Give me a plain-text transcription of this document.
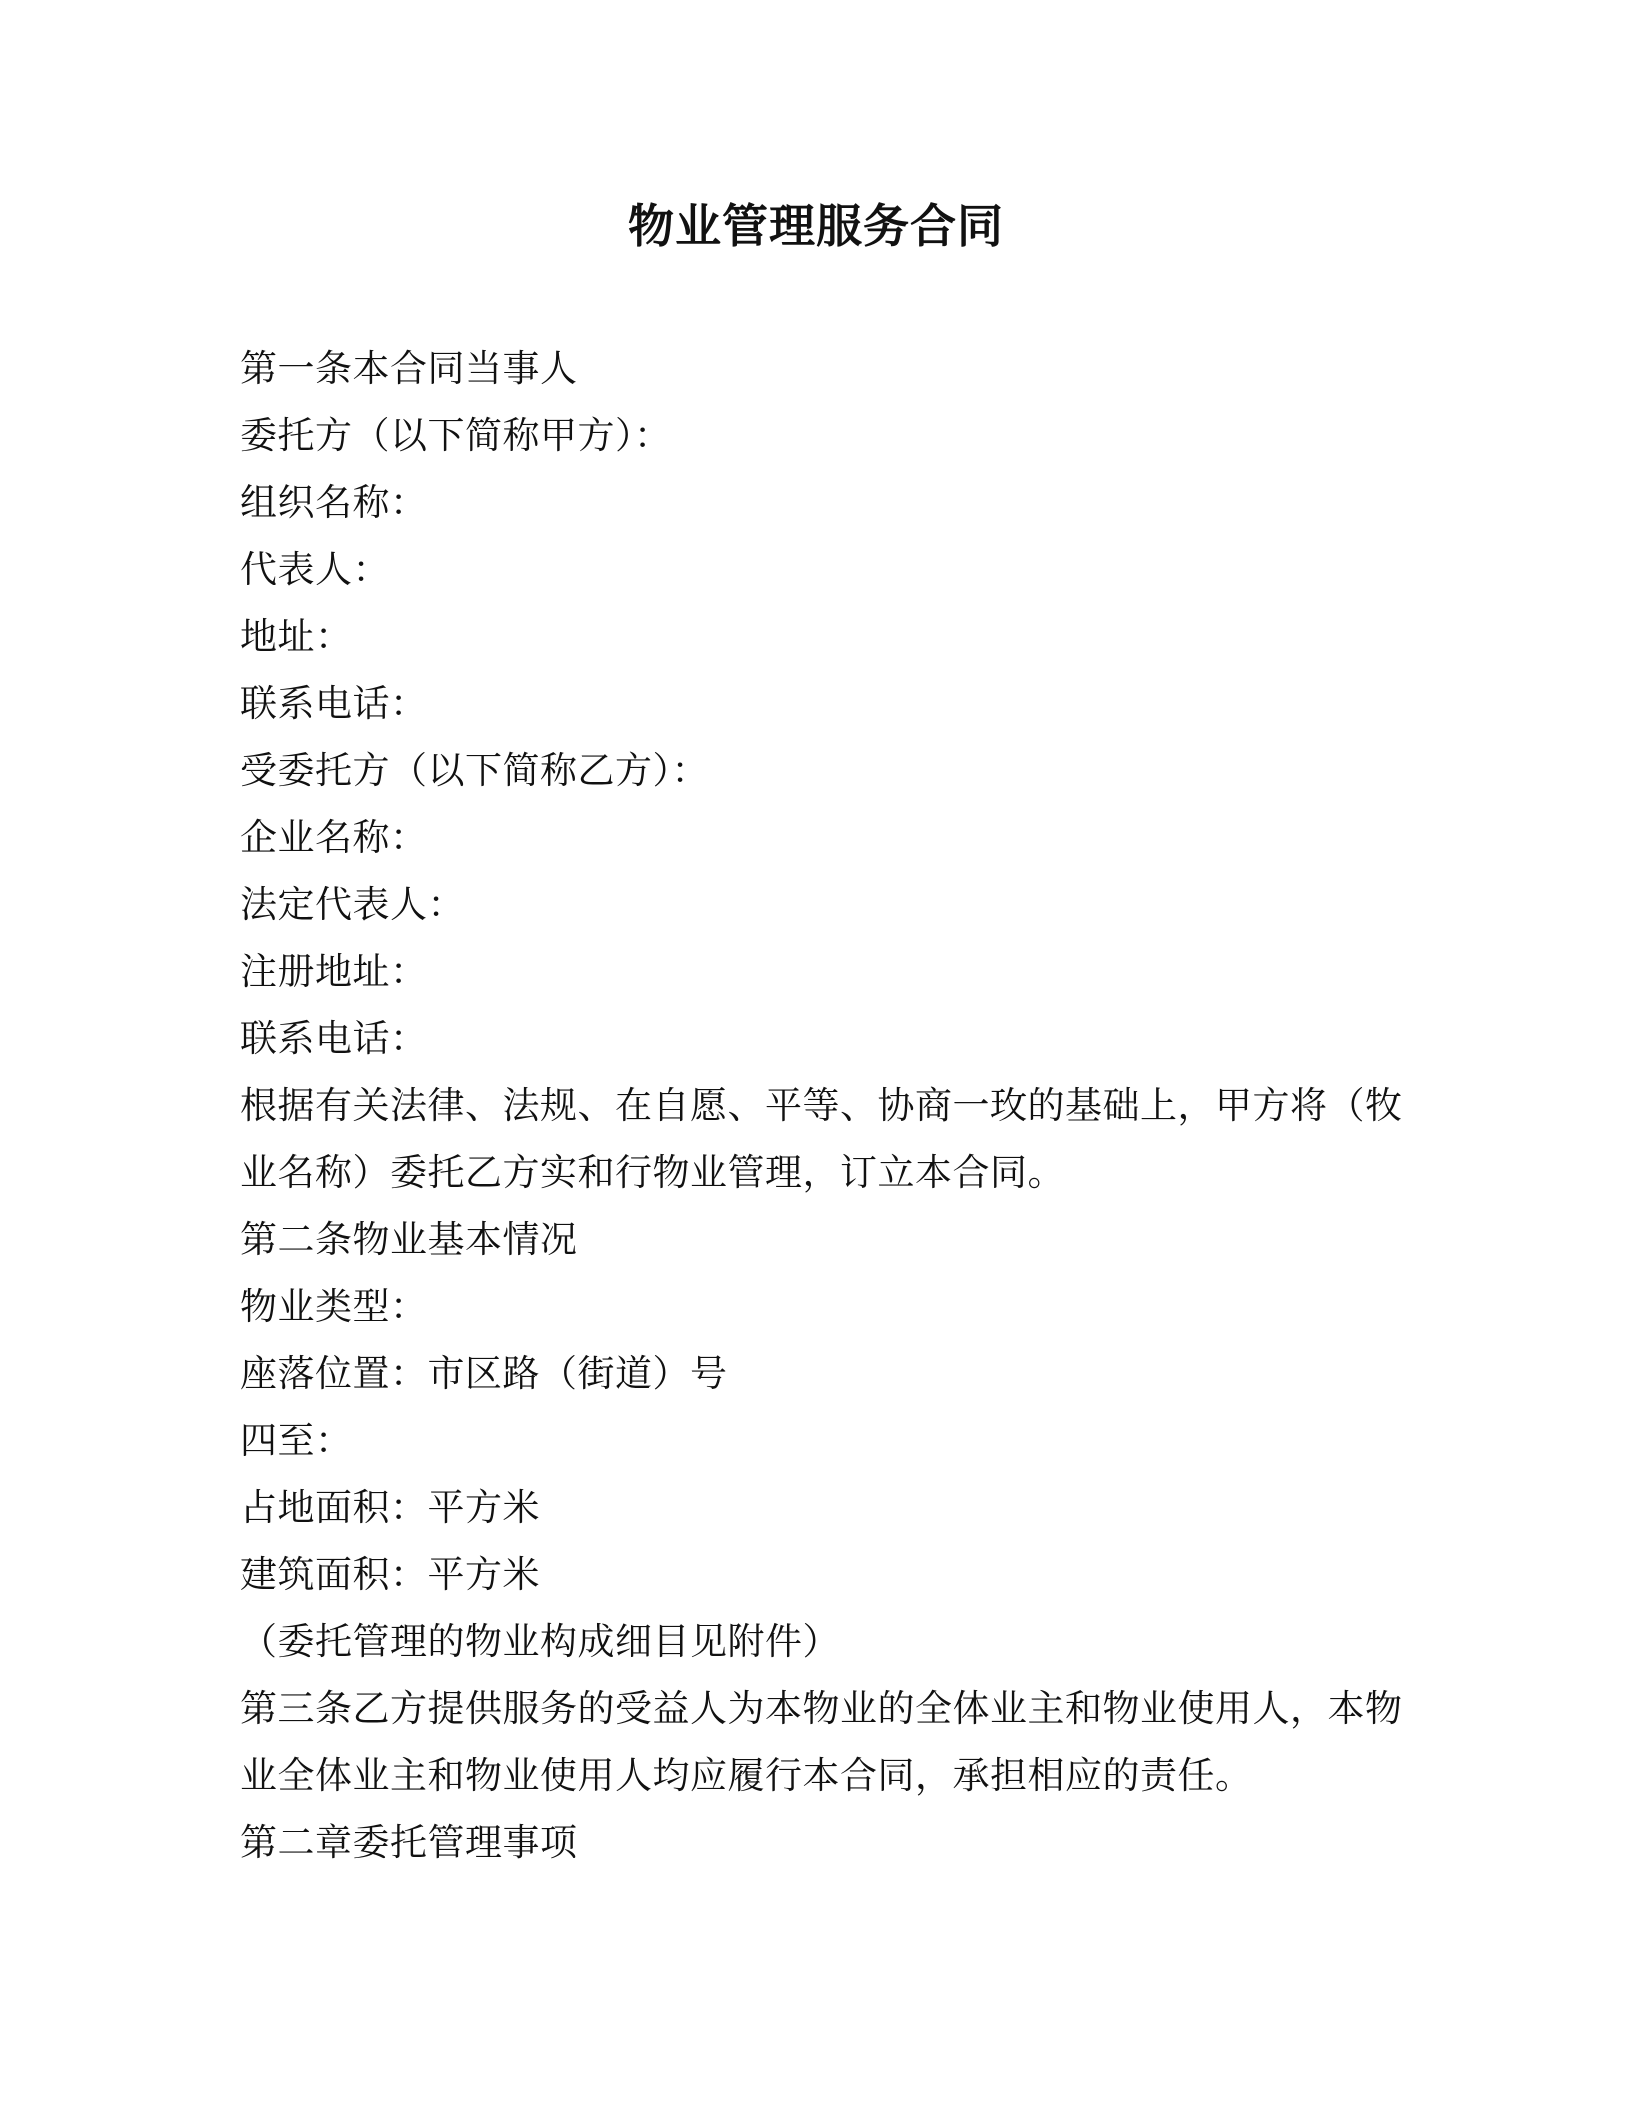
物业管理服务合同
第一条本合同当事人
委托方（以下简称甲方）：
组织名称：
代表人：
地址：
联系电话：
受委托方（以下简称乙方）：
企业名称：
法定代表人：
注册地址：
联系电话：
根据有关法律、法规、在自愿、平等、协商一玫的基础上，甲方将（牧
业名称）委托乙方实和行物业管理，订立本合同。
第二条物业基本情况
物业类型：
座落位置：市区路（街道）号
四至：
占地面积：平方米
建筑面积：平方米
（委托管理的物业构成细目见附件）
第三条乙方提供服务的受益人为本物业的全体业主和物业使用人，本物
业全体业主和物业使用人均应履行本合同，承担相应的责任。
第二章委托管理事项
